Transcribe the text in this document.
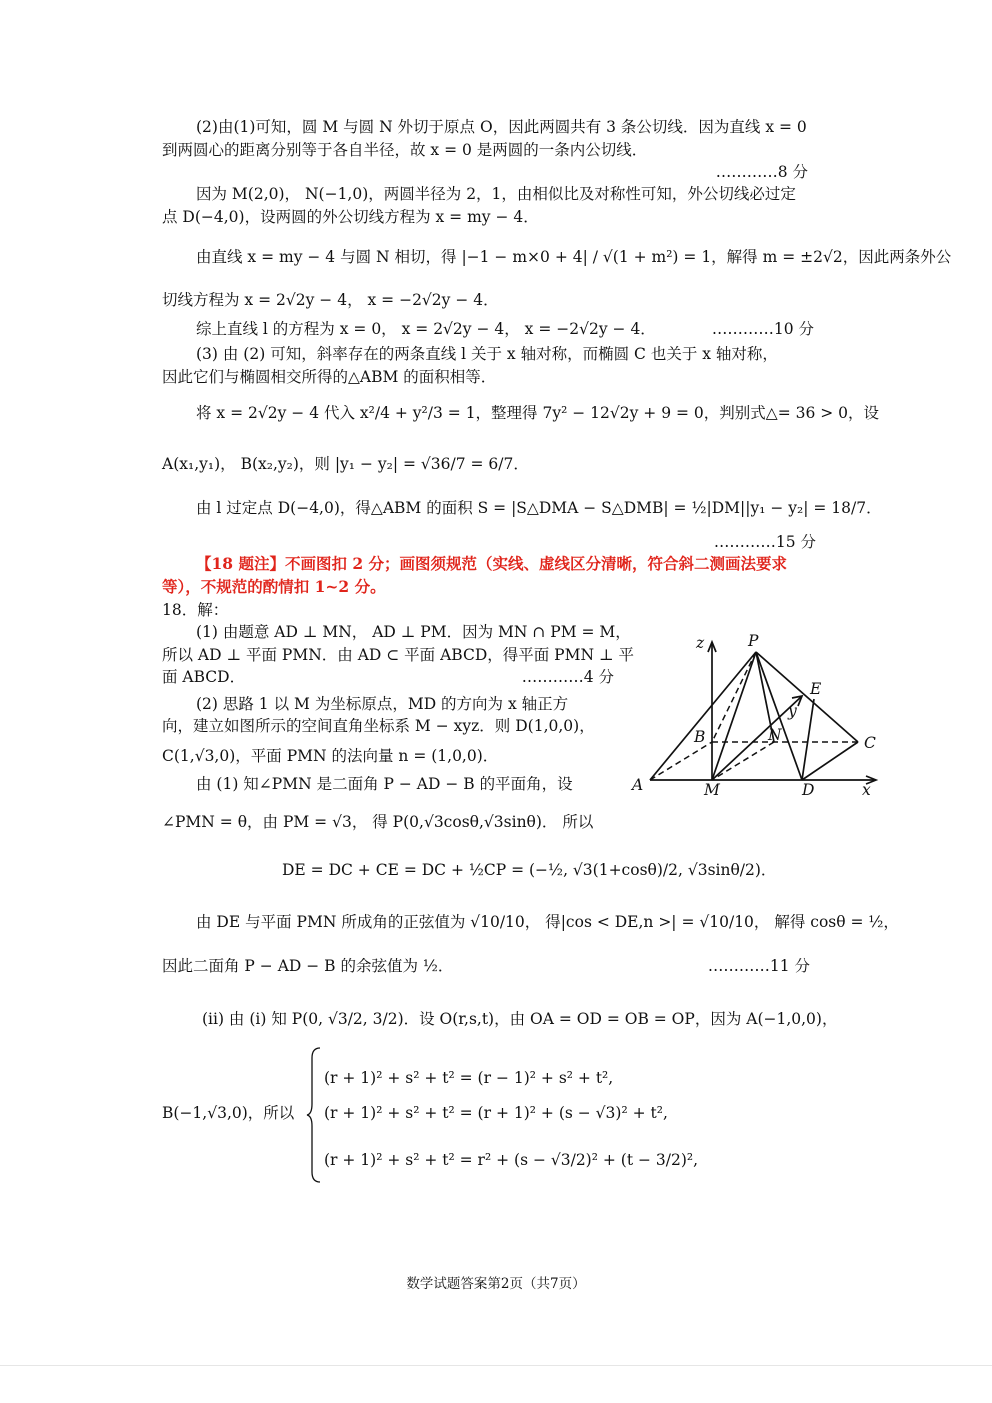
(2)由(1)可知，圆 M 与圆 N 外切于原点 O，因此两圆共有 3 条公切线．因为直线 x = 0
到两圆心的距离分别等于各自半径，故 x = 0 是两圆的一条内公切线．
…………8 分
因为 M(2,0)， N(−1,0)，两圆半径为 2，1，由相似比及对称性可知，外公切线必过定
点 D(−4,0)，设两圆的外公切线方程为 x = my − 4．
由直线 x = my − 4 与圆 N 相切，得 |−1 − m×0 + 4| / √(1 + m²) = 1，解得 m = ±2√2，因此两条外公
切线方程为 x = 2√2y − 4， x = −2√2y − 4．
综上直线 l 的方程为 x = 0， x = 2√2y − 4， x = −2√2y − 4．	…………10 分
(3) 由 (2) 可知，斜率存在的两条直线 l 关于 x 轴对称，而椭圆 C 也关于 x 轴对称，
因此它们与椭圆相交所得的△ABM 的面积相等．
将 x = 2√2y − 4 代入 x²/4 + y²/3 = 1，整理得 7y² − 12√2y + 9 = 0，判别式△= 36 > 0，设
A(x₁,y₁)， B(x₂,y₂)，则 |y₁ − y₂| = √36/7 = 6/7．
由 l 过定点 D(−4,0)，得△ABM 的面积 S = |S△DMA − S△DMB| = ½|DM||y₁ − y₂| = 18/7．
…………15 分
【18 题注】不画图扣 2 分；画图须规范（实线、虚线区分清晰，符合斜二测画法要求
等），不规范的酌情扣 1~2 分。
18．解：
(1) 由题意 AD ⊥ MN， AD ⊥ PM．因为 MN ∩ PM = M，
所以 AD ⊥ 平面 PMN．由 AD ⊂ 平面 ABCD，得平面 PMN ⊥ 平
面 ABCD．	…………4 分
(2) 思路 1 以 M 为坐标原点，MD 的方向为 x 轴正方
向，建立如图所示的空间直角坐标系 M − xyz．则 D(1,0,0)，
C(1,√3,0)，平面 PMN 的法向量 n = (1,0,0)．
由 (1) 知∠PMN 是二面角 P − AD − B 的平面角，设
∠PMN = θ，由 PM = √3， 得 P(0,√3cosθ,√3sinθ)． 所以
DE = DC + CE = DC + ½CP = (−½, √3(1+cosθ)/2, √3sinθ/2)．
由 DE 与平面 PMN 所成角的正弦值为 √10/10， 得|cos < DE,n >| = √10/10， 解得 cosθ = ½，
因此二面角 P − AD − B 的余弦值为 ½．	…………11 分
(ii) 由 (i) 知 P(0, √3/2, 3/2)．设 O(r,s,t)，由 OA = OD = OB = OP，因为 A(−1,0,0)，
B(−1,√3,0)，所以
(r + 1)² + s² + t² = (r − 1)² + s² + t²,
(r + 1)² + s² + t² = (r + 1)² + (s − √3)² + t²,
(r + 1)² + s² + t² = r² + (s − √3/2)² + (t − 3/2)²,
z	P
E
y
B	N	C
A	M	D	x
数学试题答案第2页（共7页）
